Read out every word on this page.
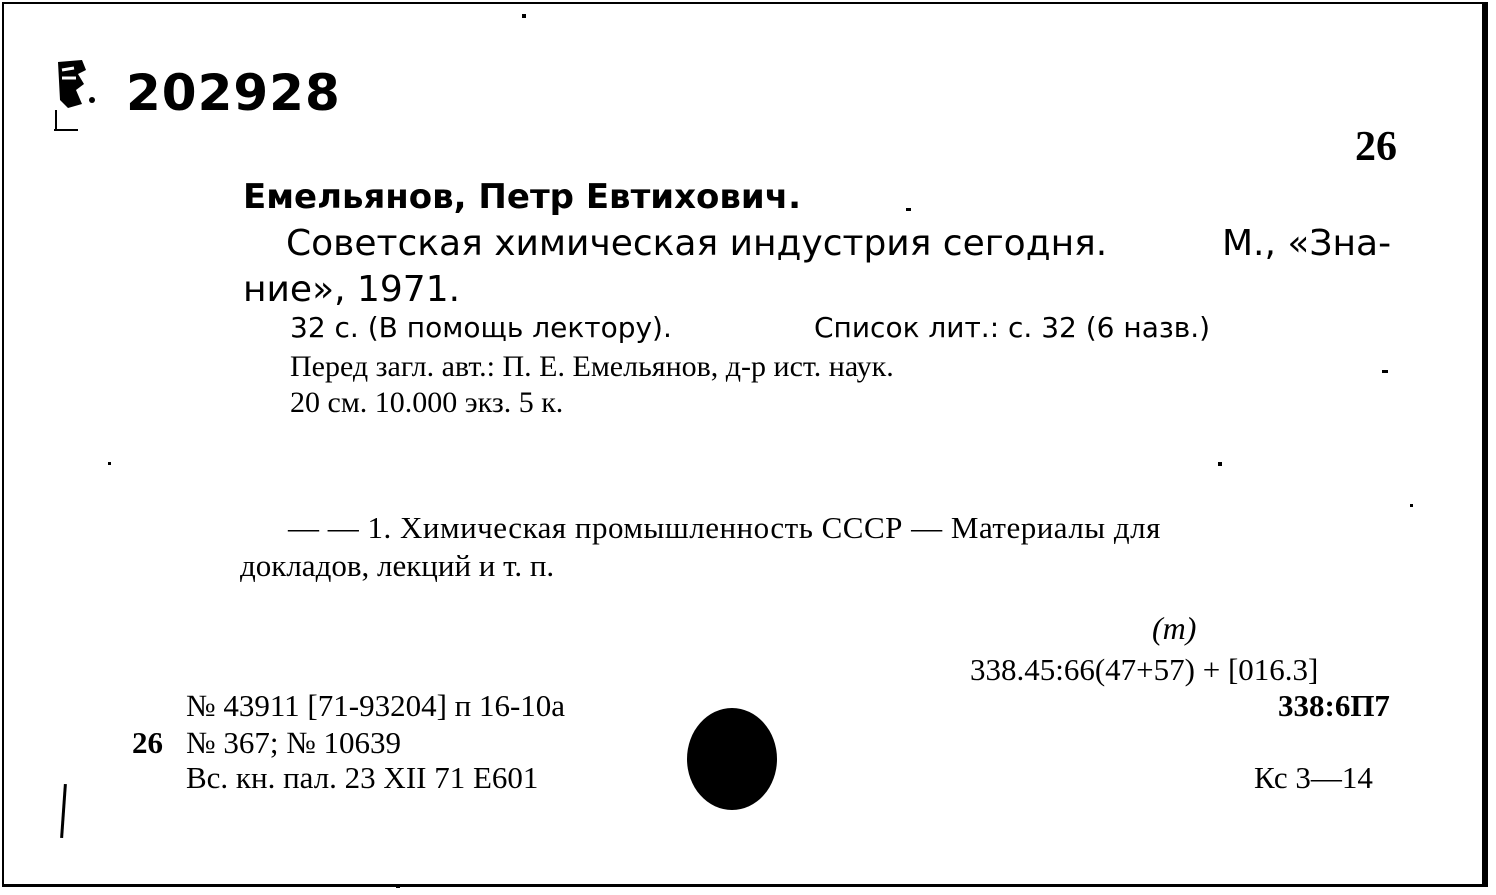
202928
26
Емельянов, Петр Евтихович.
Советская химическая индустрия сегодня.	М., «Зна-
ние», 1971.
32 с. (В помощь лектору).	Список лит.: с. 32 (6 назв.)
Перед загл. авт.: П. Е. Емельянов, д-р ист. наук.
20 см. 10.000 экз. 5 к.
— — 1. Химическая промышленность СССР — Материалы для
докладов, лекций и т. п.
(т)
338.45:66(47+57) + [016.3]
338:6П7
№ 43911 [71-93204] п 16-10а
26 № 367; № 10639
Вс. кн. пал. 23 XII 71 Е601	Кс 3—14
